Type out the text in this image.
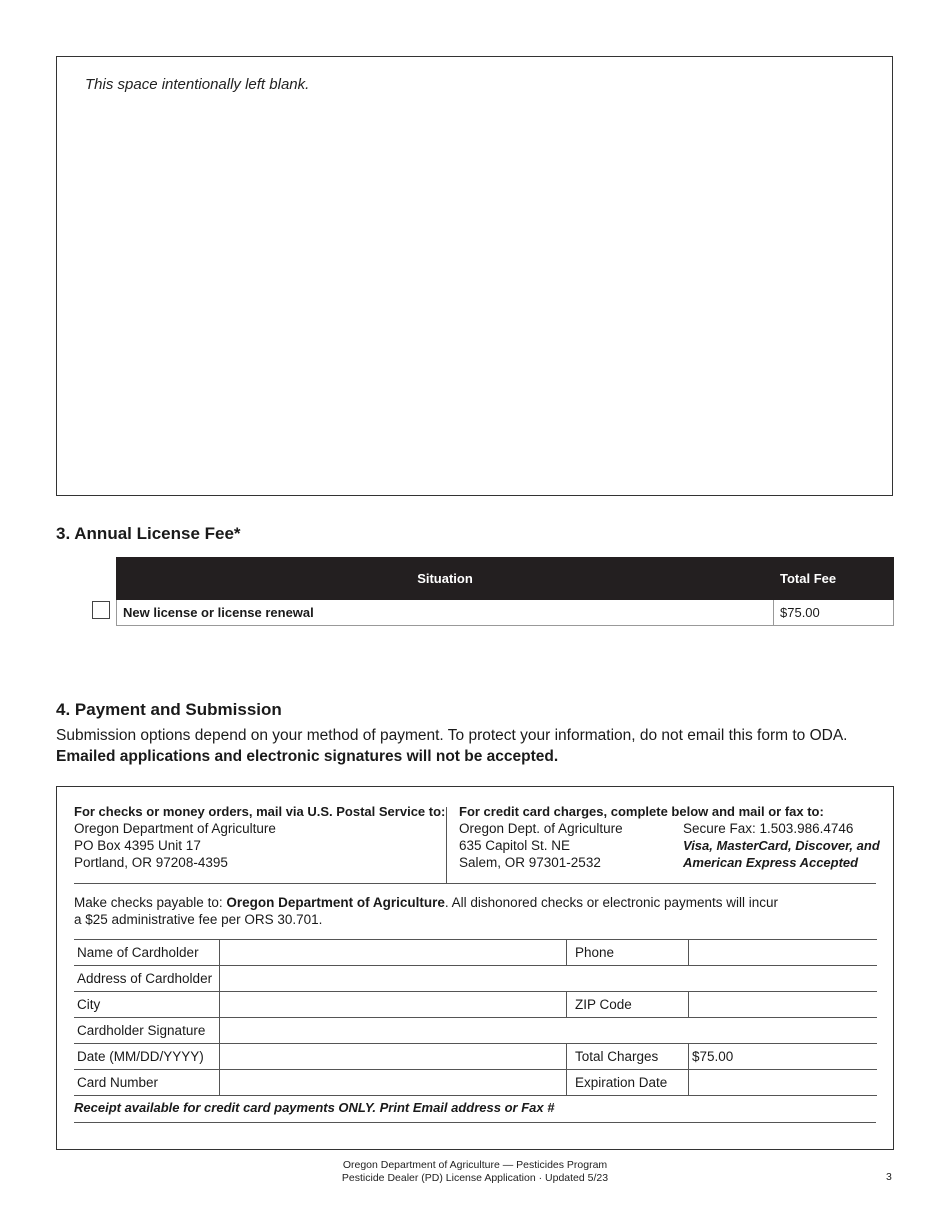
This space intentionally left blank.
3. Annual License Fee*
Situation	Total Fee
New license or license renewal	$75.00
4. Payment and Submission
Submission options depend on your method of payment. To protect your information, do not email this form to ODA. Emailed applications and electronic signatures will not be accepted.
For checks or money orders, mail via U.S. Postal Service to:
Oregon Department of Agriculture
PO Box 4395 Unit 17
Portland, OR 97208-4395
For credit card charges, complete below and mail or fax to:
Oregon Dept. of Agriculture
635 Capitol St. NE
Salem, OR 97301-2532
Secure Fax: 1.503.986.4746
Visa, MasterCard, Discover, and
American Express Accepted
Make checks payable to: Oregon Department of Agriculture. All dishonored checks or electronic payments will incur
a $25 administrative fee per ORS 30.701.
Name of Cardholder		Phone	
Address of Cardholder			
City		ZIP Code	
Cardholder Signature			
Date (MM/DD/YYYY)		Total Charges	$75.00
Card Number		Expiration Date	
Receipt available for credit card payments ONLY. Print Email address or Fax #
Oregon Department of Agriculture — Pesticides Program
Pesticide Dealer (PD) License Application · Updated 5/23	3
